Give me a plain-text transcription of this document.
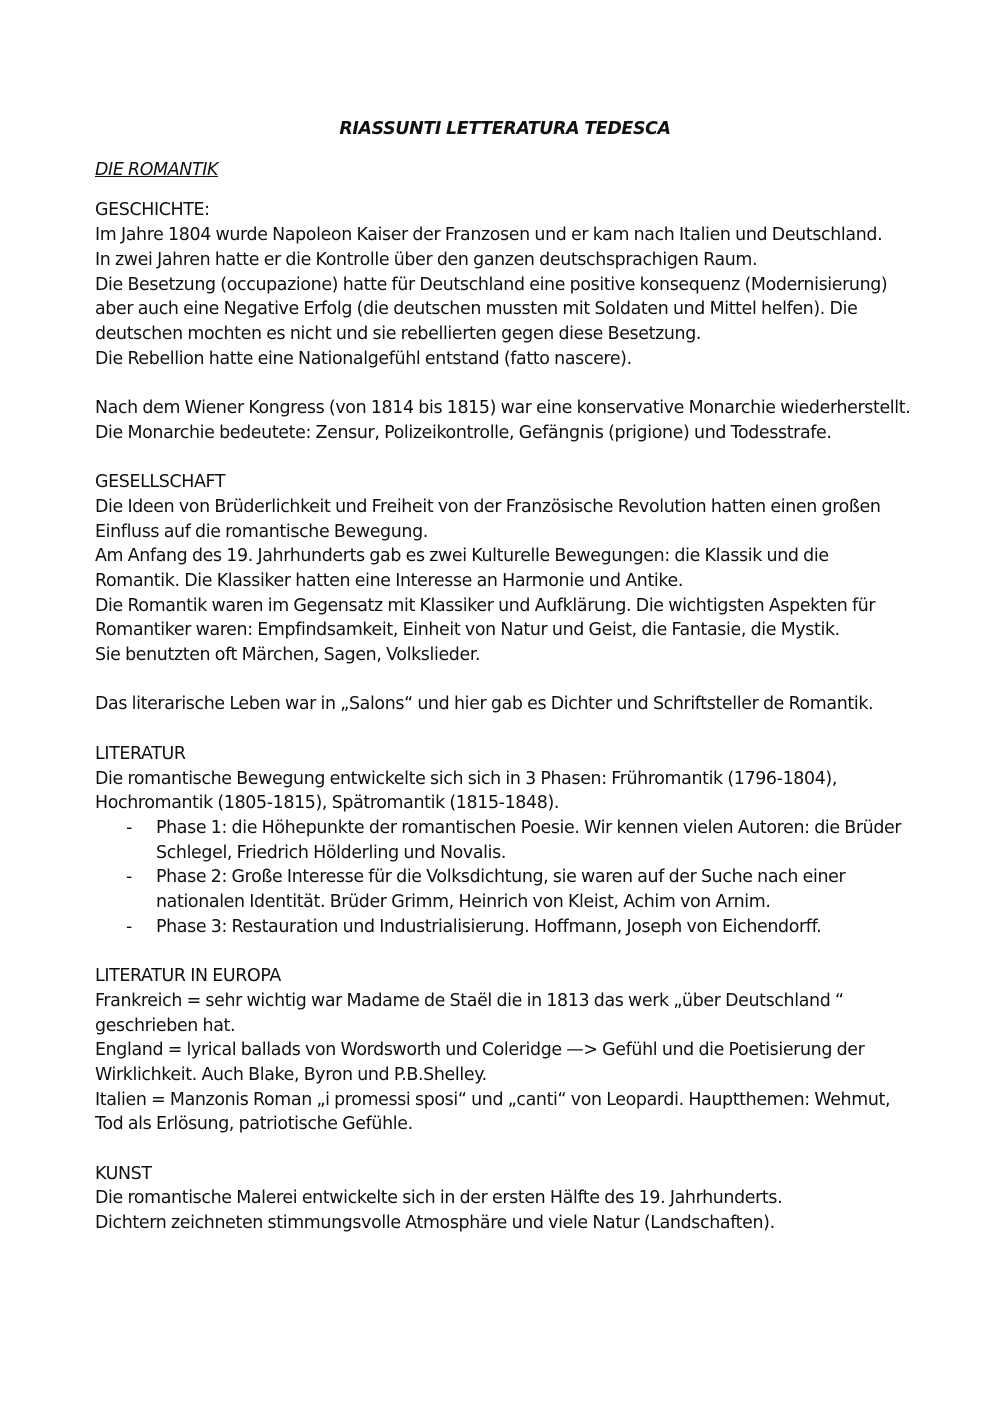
RIASSUNTI LETTERATURA TEDESCA
DIE ROMANTIK
GESCHICHTE:
Im Jahre 1804 wurde Napoleon Kaiser der Franzosen und er kam nach Italien und Deutschland.
In zwei Jahren hatte er die Kontrolle über den ganzen deutschsprachigen Raum.
Die Besetzung (occupazione) hatte für Deutschland eine positive konsequenz (Modernisierung) aber auch eine Negative Erfolg (die deutschen mussten mit Soldaten und Mittel helfen). Die deutschen mochten es nicht und sie rebellierten gegen diese Besetzung.
Die Rebellion hatte eine Nationalgefühl entstand (fatto nascere).
Nach dem Wiener Kongress (von 1814 bis 1815) war eine konservative Monarchie wiederherstellt. Die Monarchie bedeutete: Zensur, Polizeikontrolle, Gefängnis (prigione) und Todesstrafe.
GESELLSCHAFT
Die Ideen von Brüderlichkeit und Freiheit von der Französische Revolution hatten einen großen Einfluss auf die romantische Bewegung.
Am Anfang des 19. Jahrhunderts gab es zwei Kulturelle Bewegungen: die Klassik und die Romantik. Die Klassiker hatten eine Interesse an Harmonie und Antike.
Die Romantik waren im Gegensatz mit Klassiker und Aufklärung. Die wichtigsten Aspekten für Romantiker waren: Empfindsamkeit, Einheit von Natur und Geist, die Fantasie, die Mystik.
Sie benutzten oft Märchen, Sagen, Volkslieder.
Das literarische Leben war in „Salons“ und hier gab es Dichter und Schriftsteller de Romantik.
LITERATUR
Die romantische Bewegung entwickelte sich sich in 3 Phasen: Frühromantik (1796-1804), Hochromantik (1805-1815), Spätromantik (1815-1848).
- Phase 1: die Höhepunkte der romantischen Poesie. Wir kennen vielen Autoren: die Brüder Schlegel, Friedrich Hölderling und Novalis.
- Phase 2: Große Interesse für die Volksdichtung, sie waren auf der Suche nach einer nationalen Identität. Brüder Grimm, Heinrich von Kleist, Achim von Arnim.
- Phase 3: Restauration und Industrialisierung. Hoffmann, Joseph von Eichendorff.
LITERATUR IN EUROPA
Frankreich = sehr wichtig war Madame de Staël die in 1813 das werk „über Deutschland “ geschrieben hat.
England = lyrical ballads von Wordsworth und Coleridge —> Gefühl und die Poetisierung der Wirklichkeit. Auch Blake, Byron und P.B.Shelley.
Italien = Manzonis Roman „i promessi sposi“ und „canti“ von Leopardi. Hauptthemen: Wehmut, Tod als Erlösung, patriotische Gefühle.
KUNST
Die romantische Malerei entwickelte sich in der ersten Hälfte des 19. Jahrhunderts.
Dichtern zeichneten stimmungsvolle Atmosphäre und viele Natur (Landschaften).
